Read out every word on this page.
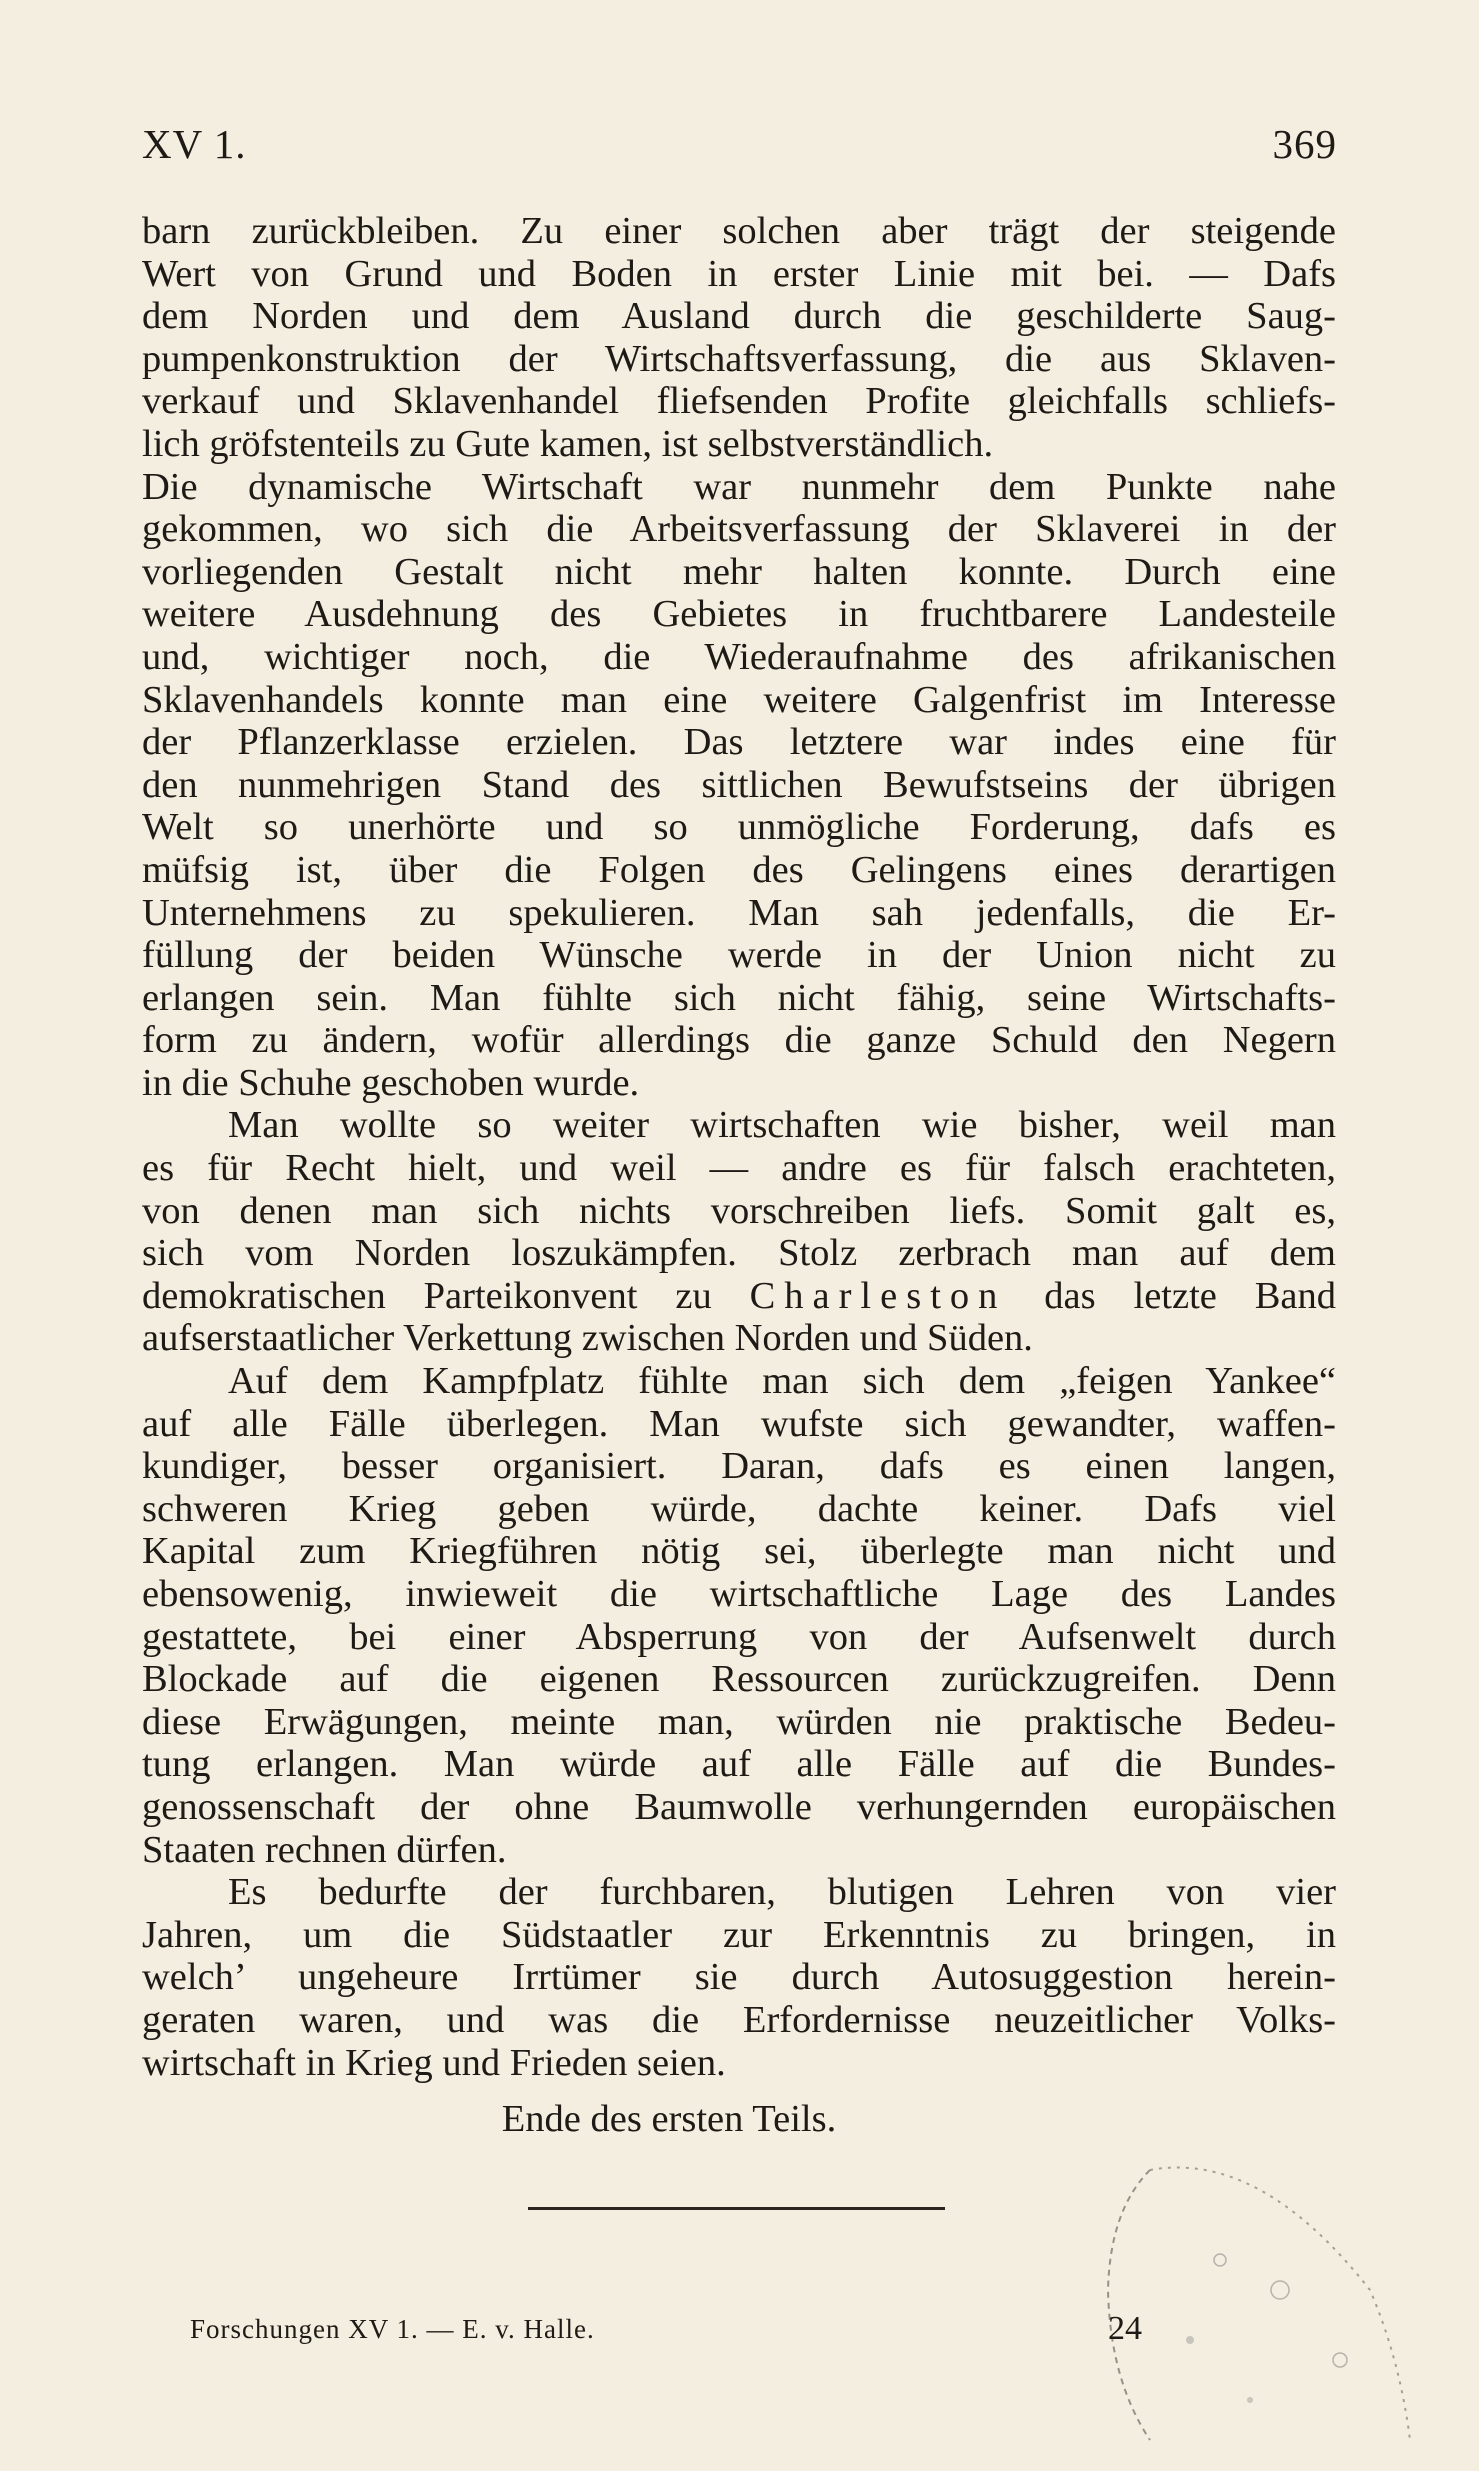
XV 1.	369
barn zurückbleiben. Zu einer solchen aber trägt der steigende
Wert von Grund und Boden in erster Linie mit bei. — Dafs
dem Norden und dem Ausland durch die geschilderte Saug-
pumpenkonstruktion der Wirtschaftsverfassung, die aus Sklaven-
verkauf und Sklavenhandel fliefsenden Profite gleichfalls schliefs-
lich gröfstenteils zu Gute kamen, ist selbstverständlich.
Die dynamische Wirtschaft war nunmehr dem Punkte nahe
gekommen, wo sich die Arbeitsverfassung der Sklaverei in der
vorliegenden Gestalt nicht mehr halten konnte. Durch eine
weitere Ausdehnung des Gebietes in fruchtbarere Landesteile
und, wichtiger noch, die Wiederaufnahme des afrikanischen
Sklavenhandels konnte man eine weitere Galgenfrist im Interesse
der Pflanzerklasse erzielen. Das letztere war indes eine für
den nunmehrigen Stand des sittlichen Bewufstseins der übrigen
Welt so unerhörte und so unmögliche Forderung, dafs es
müfsig ist, über die Folgen des Gelingens eines derartigen
Unternehmens zu spekulieren. Man sah jedenfalls, die Er-
füllung der beiden Wünsche werde in der Union nicht zu
erlangen sein. Man fühlte sich nicht fähig, seine Wirtschafts-
form zu ändern, wofür allerdings die ganze Schuld den Negern
in die Schuhe geschoben wurde.
Man wollte so weiter wirtschaften wie bisher, weil man
es für Recht hielt, und weil — andre es für falsch erachteten,
von denen man sich nichts vorschreiben liefs. Somit galt es,
sich vom Norden loszukämpfen. Stolz zerbrach man auf dem
demokratischen Parteikonvent zu Charleston das letzte Band
aufserstaatlicher Verkettung zwischen Norden und Süden.
Auf dem Kampfplatz fühlte man sich dem „feigen Yankee“
auf alle Fälle überlegen. Man wufste sich gewandter, waffen-
kundiger, besser organisiert. Daran, dafs es einen langen,
schweren Krieg geben würde, dachte keiner. Dafs viel
Kapital zum Kriegführen nötig sei, überlegte man nicht und
ebensowenig, inwieweit die wirtschaftliche Lage des Landes
gestattete, bei einer Absperrung von der Aufsenwelt durch
Blockade auf die eigenen Ressourcen zurückzugreifen. Denn
diese Erwägungen, meinte man, würden nie praktische Bedeu-
tung erlangen. Man würde auf alle Fälle auf die Bundes-
genossenschaft der ohne Baumwolle verhungernden europäischen
Staaten rechnen dürfen.
Es bedurfte der furchbaren, blutigen Lehren von vier
Jahren, um die Südstaatler zur Erkenntnis zu bringen, in
welch’ ungeheure Irrtümer sie durch Autosuggestion herein-
geraten waren, und was die Erfordernisse neuzeitlicher Volks-
wirtschaft in Krieg und Frieden seien.
Ende des ersten Teils.
Forschungen XV 1. — E. v. Halle.	24
